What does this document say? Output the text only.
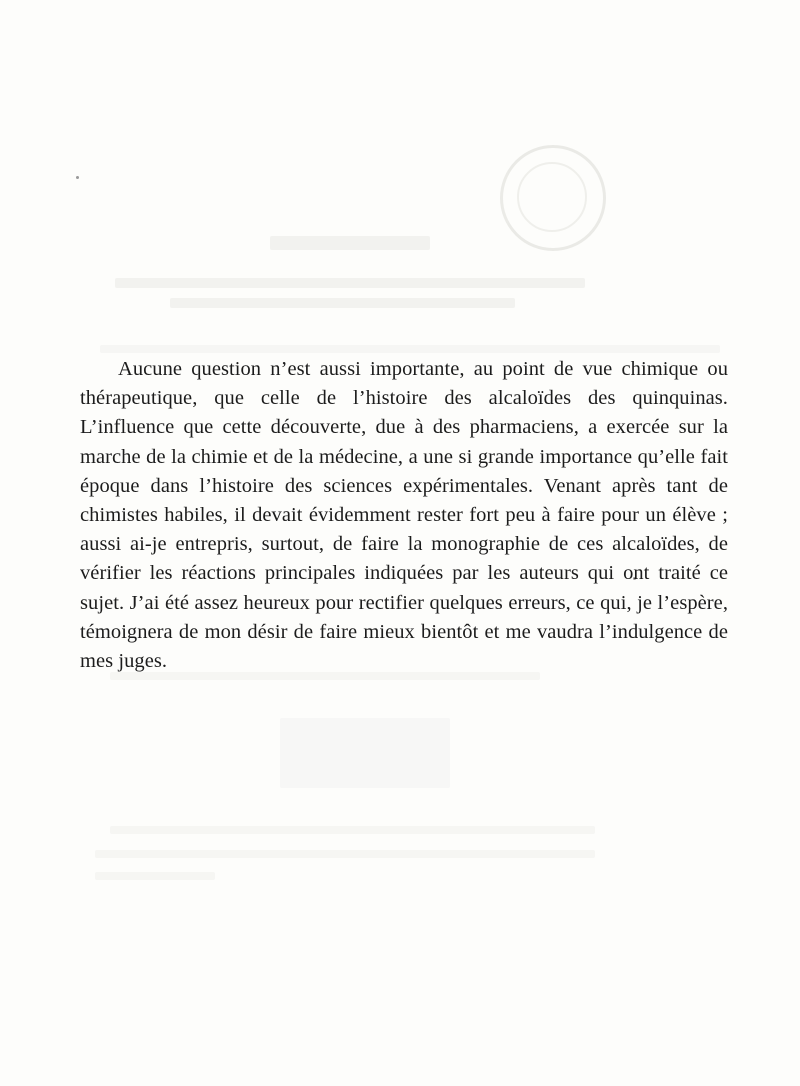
Aucune question n’est aussi importante, au point de vue chimique ou thérapeutique, que celle de l’histoire des alcaloïdes des quinquinas. L’influence que cette découverte, due à des pharmaciens, a exercée sur la marche de la chimie et de la médecine, a une si grande importance qu’elle fait époque dans l’histoire des sciences expérimentales. Venant après tant de chimistes habiles, il devait évidemment rester fort peu à faire pour un élève ; aussi ai-je entrepris, surtout, de faire la monographie de ces alcaloïdes, de vérifier les réactions principales indiquées par les auteurs qui ont traité ce sujet. J’ai été assez heureux pour rectifier quelques erreurs, ce qui, je l’espère, témoignera de mon désir de faire mieux bientôt et me vaudra l’indulgence de mes juges.
